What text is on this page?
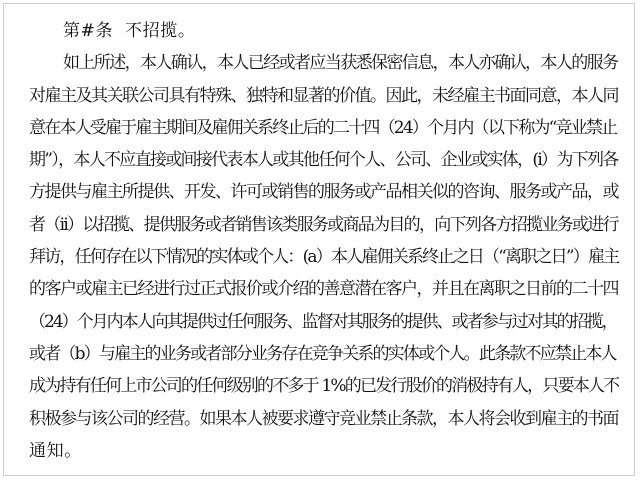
第#条  不招揽。

如上所述，本人确认，本人已经或者应当获悉保密信息，本人亦确认，本人的服务

对雇主及其关联公司具有特殊、独特和显著的价值。因此，未经雇主书面同意，本人同

意在本人受雇于雇主期间及雇佣关系终止后的二十四（24）个月内（以下称为“竞业禁止

期”），本人不应直接或间接代表本人或其他任何个人、公司、企业或实体，(i）为下列各

方提供与雇主所提供、开发、许可或销售的服务或产品相关似的咨询、服务或产品，或

者（ii）以招揽、提供服务或者销售该类服务或商品为目的，向下列各方招揽业务或进行

拜访，任何存在以下情况的实体或个人：(a）本人雇佣关系终止之日（“离职之日”）雇主

的客户或雇主已经进行过正式报价或介绍的善意潜在客户，并且在离职之日前的二十四

（24）个月内本人向其提供过任何服务、监督对其服务的提供、或者参与过对其的招揽，

或者（b）与雇主的业务或者部分业务存在竞争关系的实体或个人。此条款不应禁止本人

成为持有任何上市公司的任何级别的不多于 1%的已发行股价的消极持有人，只要本人不

积极参与该公司的经营。如果本人被要求遵守竞业禁止条款，本人将会收到雇主的书面

通知。
